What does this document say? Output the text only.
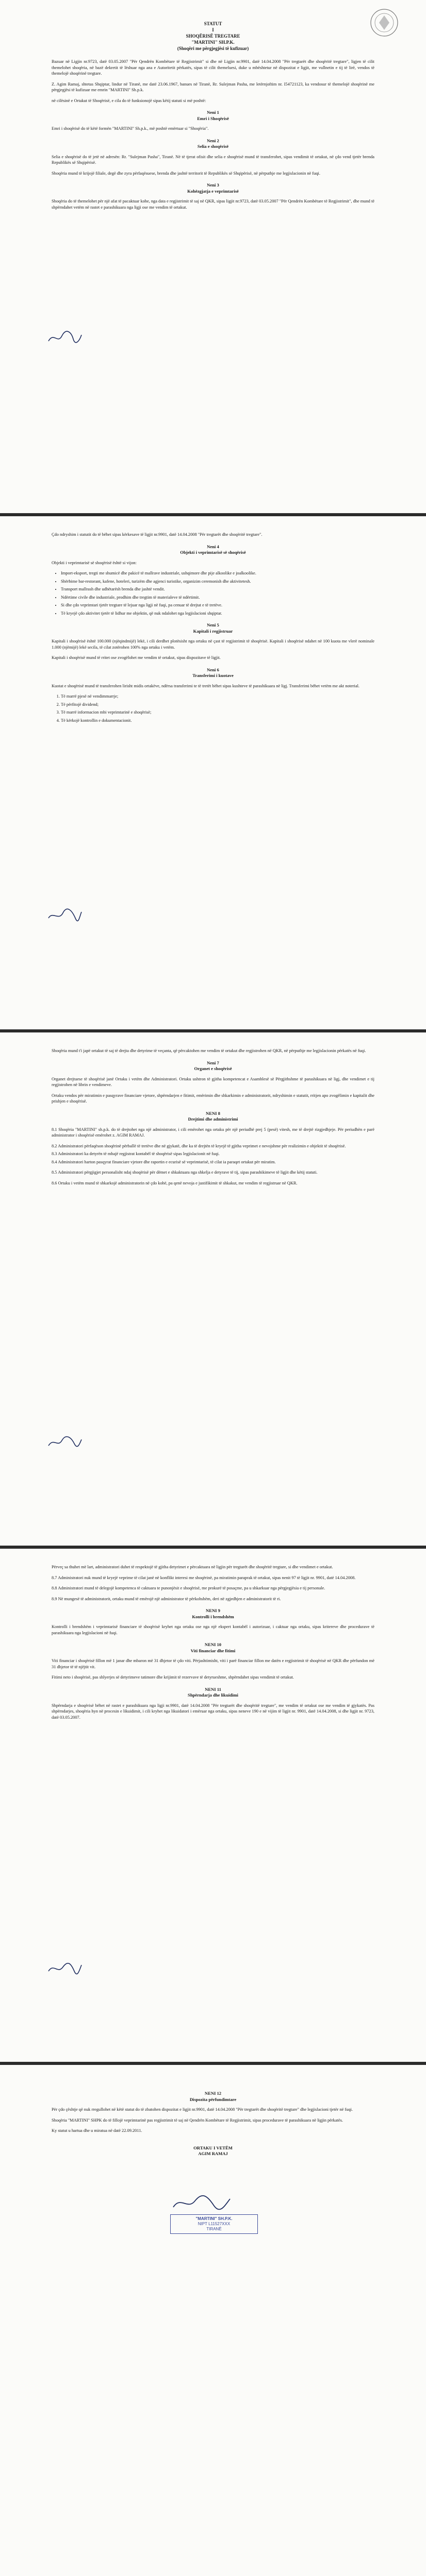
STATUT
I
SHOQËRISË TREGTARE
"MARTINI" SH.P.K.
(Shoqëri me përgjegjësi të kufizuar)

Bazuar në Ligjin nr.9723, datë 03.05.2007 "Për Qendrën Kombëtare të Regjistrimit" si dhe në Ligjin nr.9901, datë 14.04.2008 "Për tregtarët dhe shoqëritë tregtare", ligjen të cilit themelohet shoqëria, në bazë dekretit të lëshuar nga ana e Autoritetit përkatës, sipas të cilit themeluesi, duke u mbështetur në dispozitat e ligjit, me vullnetin e tij të lirë, vendos të themelojë shoqërinë tregtare.

Z. Agim Ramaj, shtetas Shqiptar, lindur në Tiranë, me datë 23.06.1967, banues në Tiranë, Rr. Sulejman Pasha, me letërnjoftim nr. I54721123, ka vendosur të themelojë shoqërinë me përgjegjësi të kufizuar me emrin "MARTINI" Sh.p.k.

në cilësinë e Ortakut të Shoqërisë, e cila do të funksionojë sipas këtij statuti si më poshtë:

Neni 1
Emri i Shoqërisë

Emri i shoqërisë do të këtë formën "MARTINI" Sh.p.k., më poshtë emërtuar si "Shoqëria".

Neni 2
Selia e shoqërisë

Selia e shoqërisë do të jetë në adresën: Rr. "Sulejman Pasha", Tiranë. Në të tjerat ofisit dhe selia e shoqërisë mund të transferohet, sipas vendimit të ortakut, në çdo vend tjetër brenda Republikës së Shqipërisë.

Shoqëria mund të krijojë filiale, degë dhe zyra përfaqësuese, brenda dhe jashtë territorit të Republikës së Shqipërisë, në përputhje me legjislacionin në fuqi.

Neni 3
Kohëzgjatja e veprimtarisë

Shoqëria do të themelohet për një afat të pacaktuar kohe, nga data e regjistrimit të saj në QKR, sipas ligjit nr.9723, datë 03.05.2007 "Për Qendrën Kombëtare të Regjistrimit", dhe mund të shpërndahet vetëm në rastet e parashikuara nga ligji ose me vendim të ortakut.

Çdo ndryshim i statutit do të bëhet sipas kërkesave të ligjit nr.9901, datë 14.04.2008 "Për tregtarët dhe shoqëritë tregtare".

Neni 4
Objekti i veprimtarisë së shoqërisë

Objekti i veprimtarisë së shoqërisë është si vijon:

• Import-eksport, tregti me shumicë dhe pakicë të mallrave industriale, ushqimore dhe pije alkoolike e joalkoolike.
• Shërbime bar-restorant, kafene, hoteleri, turizëm dhe agjenci turistike, organizim ceremonish dhe aktivitetesh.
• Transport mallrash dhe udhëtarësh brenda dhe jashtë vendit.
• Ndërtime civile dhe industriale, prodhim dhe tregtim të materialeve të ndërtimit.
• Si dhe çdo veprimtari tjetër tregtare të lejuar nga ligji në fuqi, pa cenuar të drejtat e të tretëve.
• Të kryejë çdo aktivitet tjetër të lidhur me objektin, që nuk ndalohet nga legjislacioni shqiptar.
Neni 5
Kapitali i regjistruar

Kapitali i shoqërisë është 100.000 (njëqindmijë) lekë, i cili derdhet plotësisht nga ortaku në çast të regjistrimit të shoqërisë. Kapitali i shoqërisë ndahet në 100 kuota me vlerë nominale 1.000 (njëmijë) lekë secila, të cilat zotërohen 100% nga ortaku i vetëm.

Kapitali i shoqërisë mund të rritet ose zvogëlohet me vendim të ortakut, sipas dispozitave të ligjit.

Neni 6
Transferimi i kuotave

Kuotat e shoqërisë mund të transferohen lirisht midis ortakëve, ndërsa transferimi te të tretët bëhet sipas kushteve të parashikuara në ligj. Transferimi bëhet vetëm me akt noterial.

1. Të marrë pjesë në vendimmarrje;
2. Të përfitojë dividend;
3. Të marrë informacion mbi veprimtarinë e shoqërisë;
4. Të kërkojë kontrollin e dokumentacionit.

Shoqëria mund t'i japë ortakut të saj të drejta dhe detyrime të veçanta, që përcaktohen me vendim të ortakut dhe regjistrohen në QKR, në përputhje me legjislacionin përkatës në fuqi.

Neni 7
Organet e shoqërisë

Organet drejtuese të shoqërisë janë Ortaku i vetëm dhe Administratori. Ortaku ushtron të gjitha kompetencat e Asamblesë së Përgjithshme të parashikuara në ligj, dhe vendimet e tij regjistrohen në librin e vendimeve.

Ortaku vendos për miratimin e pasqyrave financiare vjetore, shpërndarjen e fitimit, emërimin dhe shkarkimin e administratorit, ndryshimin e statutit, rritjen apo zvogëlimin e kapitalit dhe prishjen e shoqërisë.

NENI 8
Drejtimi dhe administrimi

8.1 Shoqëria "MARTINI" sh.p.k. do të drejtohet nga një administrator, i cili emërohet nga ortaku për një periudhë prej 5 (pesë) vitesh, me të drejtë rizgjedhjeje. Për periudhën e parë administrator i shoqërisë emërohet z. AGIM RAMAJ.

8.2 Administratori përfaqëson shoqërinë përballë të tretëve dhe në gjykatë, dhe ka të drejtën të kryejë të gjitha veprimet e nevojshme për realizimin e objektit të shoqërisë.
8.3 Administratori ka detyrën të mbajë regjistrat kontabël të shoqërisë sipas legjislacionit në fuqi.
8.4 Administratori harton pasqyrat financiare vjetore dhe raportin e ecurisë së veprimtarisë, të cilat ia paraqet ortakut për miratim.

8.5 Administratori përgjigjet personalisht ndaj shoqërisë për dëmet e shkaktuara nga shkelja e detyrave të tij, sipas parashikimeve të ligjit dhe këtij statuti.

8.6 Ortaku i vetëm mund të shkarkojë administratorin në çdo kohë, pa qenë nevoja e justifikimit të shkakut, me vendim të regjistruar në QKR.

Përveç sa thuhet më lart, administratori duhet të respektojë të gjitha detyrimet e përcaktuara në ligjin për tregtarët dhe shoqëritë tregtare, si dhe vendimet e ortakut.

8.7 Administratori nuk mund të kryejë veprime të cilat janë në konflikt interesi me shoqërinë, pa miratimin paraprak të ortakut, sipas nenit 97 të ligjit nr. 9901, datë 14.04.2008.

8.8 Administratori mund të delegojë kompetenca të caktuara te punonjësit e shoqërisë, me prokurë të posaçme, pa u shkarkuar nga përgjegjësia e tij personale.

8.9 Në mungesë të administratorit, ortaku mund të emërojë një administrator të përkohshëm, deri në zgjedhjen e administratorit të ri.

NENI 9
Kontrolli i brendshëm

Kontrolli i brendshëm i veprimtarisë financiare të shoqërisë kryhet nga ortaku ose nga një ekspert kontabël i autorizuar, i caktuar nga ortaku, sipas kritereve dhe procedurave të parashikuara nga legjislacioni në fuqi.

NENI 10
Viti financiar dhe fitimi

Viti financiar i shoqërisë fillon më 1 janar dhe mbaron më 31 dhjetor të çdo viti. Përjashtimisht, viti i parë financiar fillon me datën e regjistrimit të shoqërisë në QKR dhe përfundon më 31 dhjetor të të njëjtit vit.

Fitimi neto i shoqërisë, pas shlyerjes së detyrimeve tatimore dhe krijimit të rezervave të detyrueshme, shpërndahet sipas vendimit të ortakut.

NENI 11
Shpërndarja dhe likuidimi

Shpërndarja e shoqërisë bëhet në rastet e parashikuara nga ligji nr.9901, datë 14.04.2008 "Për tregtarët dhe shoqëritë tregtare", me vendim të ortakut ose me vendim të gjykatës. Pas shpërndarjes, shoqëria hyn në procesin e likuidimit, i cili kryhet nga likuidatori i emëruar nga ortaku, sipas neneve 190 e në vijim të ligjit nr. 9901, datë 14.04.2008, si dhe ligjit nr. 9723, datë 03.05.2007.

NENI 12
Dispozita përfundimtare

Për çdo çështje që nuk rregullohet në këtë statut do të zbatohen dispozitat e ligjit nr.9901, datë 14.04.2008 "Për tregtarët dhe shoqëritë tregtare" dhe legjislacioni tjetër në fuqi.

Shoqëria "MARTINI" SHPK do të fillojë veprimtarinë pas regjistrimit të saj në Qendrën Kombëtare të Regjistrimit, sipas procedurave të parashikuara në ligjin përkatës.

Ky statut u hartua dhe u miratua në datë 22.09.2011.

ORTAKU I VETËM
AGIM RAMAJ
"MARTINI" SH.P.K.
NIPT L11527XXX
TIRANË
